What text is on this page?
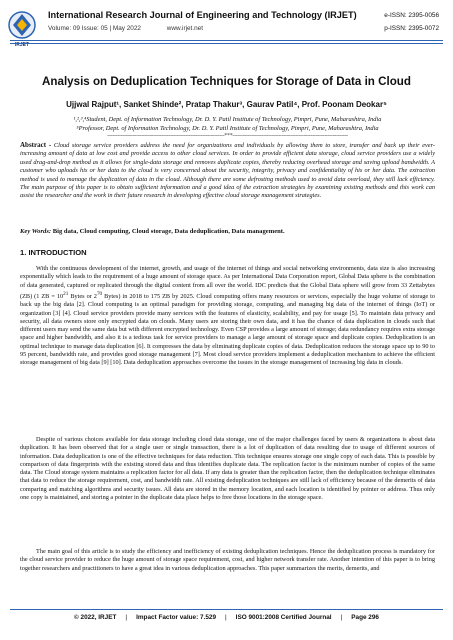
IRJET
International Research Journal of Engineering and Technology (IRJET)
Volume: 09 Issue: 05 | May 2022	www.irjet.net
e-ISSN: 2395-0056
p-ISSN: 2395-0072
Analysis on Deduplication Techniques for Storage of Data in Cloud
Ujjwal Rajput¹, Sanket Shinde², Pratap Thakur³, Gaurav Patil⁴, Prof. Poonam Deokar⁵
¹,²,³,⁴Student, Dept. of Information Technology, Dr. D. Y. Patil Institute of Technology, Pimpri, Pune, Maharashtra, India
⁵Professor, Dept. of Information Technology, Dr. D. Y. Patil Institute of Technology, Pimpri, Pune, Maharashtra, India
---------------------------------------------------------------------***--------------------------------------------------------------------
Abstract - Cloud storage service providers address the need for organizations and individuals by allowing them to store, transfer and back up their ever-increasing amount of data at low cost and provide access to other cloud services. In order to provide efficient data storage, cloud service providers use a widely used drag-and-drop method as it allows for single-data storage and removes duplicate copies, thereby reducing overhead storage and saving upload bandwidth. A customer who uploads his or her data to the cloud is very concerned about the security, integrity, privacy and confidentiality of his or her data. The extraction method is used to manage the duplication of data in the cloud. Although there are some defrosting methods used to avoid data overload, they still lack efficiency. The main purpose of this paper is to obtain sufficient information and a good idea of the extraction strategies by examining existing methods and this work can assist the researcher and the work in their future research in developing effective cloud storage management strategies.
Key Words: Big data, Cloud computing, Cloud storage, Data deduplication, Data management.
1. INTRODUCTION
With the continuous development of the internet, growth, and usage of the internet of things and social networking environments, data size is also increasing exponentially which leads to the requirement of a huge amount of storage space. As per International Data Corporation report, Global Data sphere is the combination of data generated, captured or replicated through the digital content from all over the world. IDC predicts that the Global Data sphere will grow from 33 Zettabytes (ZB) (1 ZB = $10^{21}$ Bytes or $2^{70}$ Bytes) in 2018 to 175 ZB by 2025. Cloud computing offers many resources or services, especially the huge volume of storage to back up the big data [2]. Cloud computing is an optimal paradigm for providing storage, computing, and managing big data of the internet of things (IoT) or organization [3] [4]. Cloud service providers provide many services with the features of elasticity, scalability, and pay for usage [5]. To maintain data privacy and security, all data owners store only encrypted data on clouds. Many users are storing their own data, and it has the chance of data duplication in clouds such that different users may send the same data but with different encrypted technology. Even CSP provides a large amount of storage; data redundancy requires extra storage space and higher bandwidth, and also it is a tedious task for service providers to manage a large amount of storage space and duplicate copies. Deduplication is an optimal technique to manage data duplication [6]. It compresses the data by eliminating duplicate copies of data. Deduplication reduces the storage space up to 90 to 95 percent, bandwidth rate, and provides good storage management [7]. Most cloud service providers implement a deduplication mechanism to achieve the efficient storage management of big data [9] [10]. Data deduplication approaches overcome the issues in the storage management of increasing big data in clouds.
Despite of various choices available for data storage including cloud data storage, one of the major challenges faced by users & organizations is about data duplication. It has been observed that for a single user or single transaction, there is a lot of duplication of data resulting due to usage of different sources of information. Data deduplication is one of the effective techniques for data reduction. This technique ensures storage one single copy of each data. This is possible by comparison of data fingerprints with the existing stored data and thus identifies duplicate data. The replication factor is the minimum number of copies of the same data. The Cloud storage system maintains a replication factor for all data. If any data is greater than the replication factor, then the deduplication technique eliminates that data to reduce the storage requirement, cost, and bandwidth rate. All existing deduplication techniques are still lack of efficiency because of the demerits of data comparing and matching algorithms and security issues. All data are stored in the memory location, and each location is identified by pointer or address. Thus only one copy is maintained, and storing a pointer in the duplicate data place helps to free those locations in the storage space.
The main goal of this article is to study the efficiency and inefficiency of existing deduplication techniques. Hence the deduplication process is mandatory for the cloud service provider to reduce the huge amount of storage space requirement, cost, and higher network transfer rate. Another intention of this paper is to bring together researchers and practitioners to have a great idea in various deduplication approaches. This paper summarizes the merits, demerits, and
© 2022, IRJET | Impact Factor value: 7.529 | ISO 9001:2008 Certified Journal | Page 296
